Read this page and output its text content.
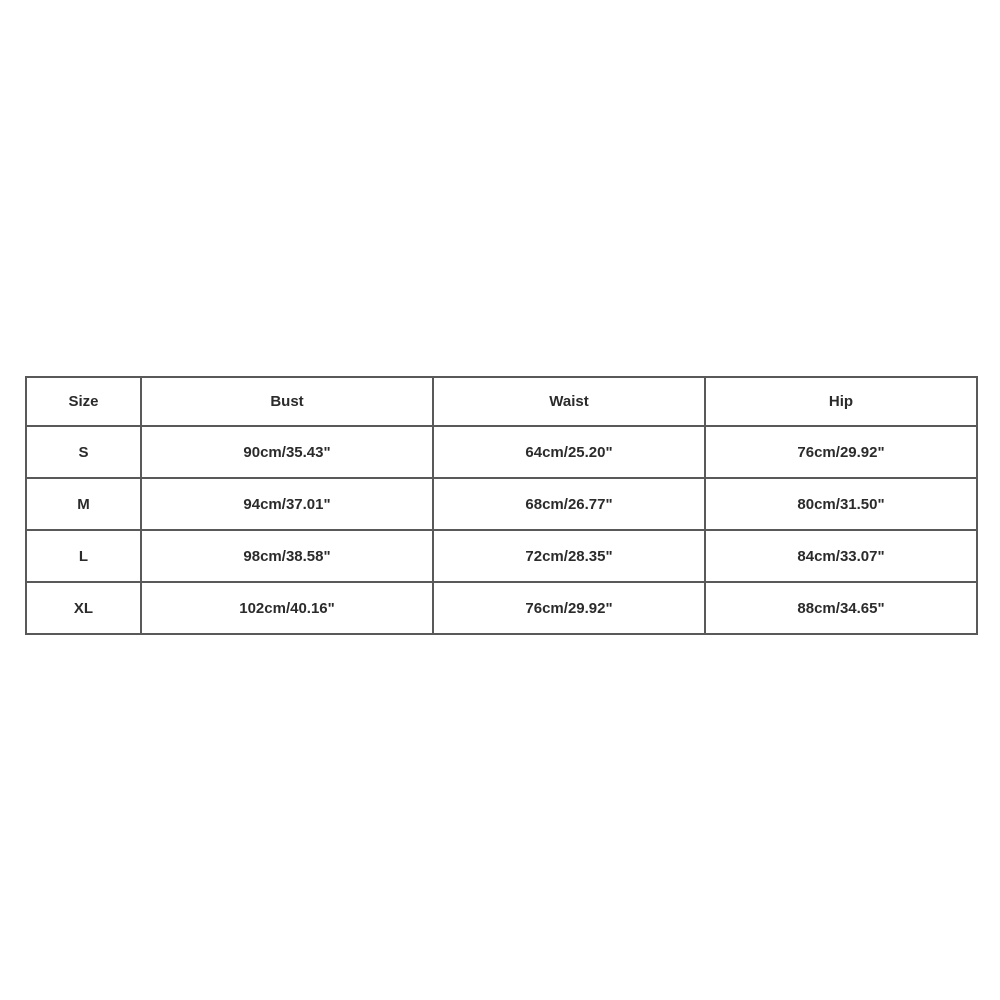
Size	Bust	Waist	Hip
S	90cm/35.43"	64cm/25.20"	76cm/29.92"
M	94cm/37.01"	68cm/26.77"	80cm/31.50"
L	98cm/38.58"	72cm/28.35"	84cm/33.07"
XL	102cm/40.16"	76cm/29.92"	88cm/34.65"
